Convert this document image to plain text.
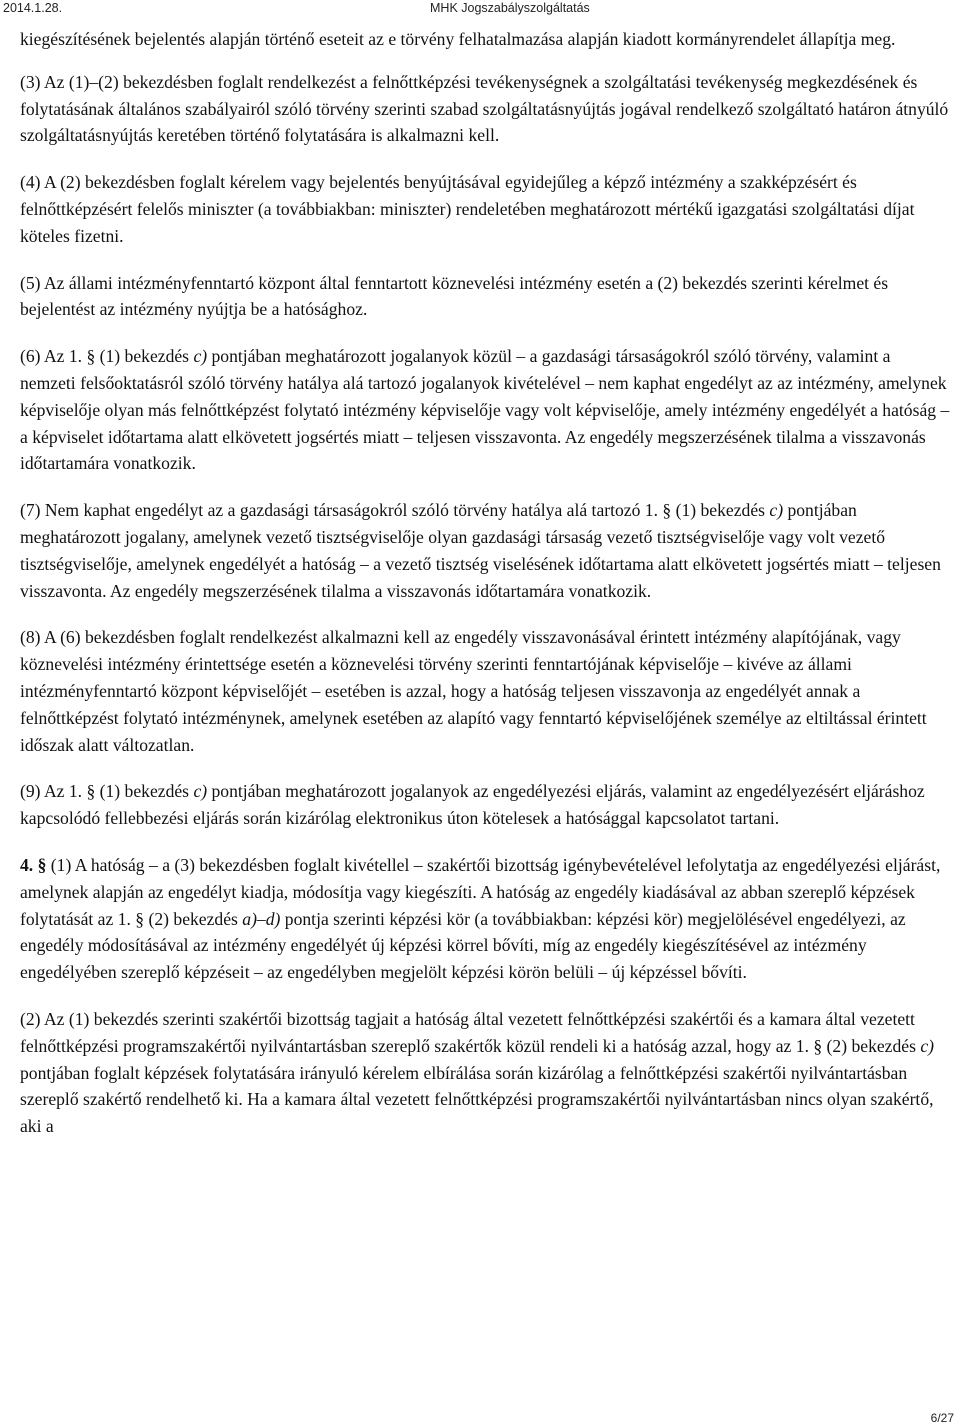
2014.1.28.	MHK Jogszabályszolgáltatás

kiegészítésének bejelentés alapján történő eseteit az e törvény felhatalmazása alapján kiadott kormányrendelet állapítja meg.

(3) Az (1)–(2) bekezdésben foglalt rendelkezést a felnőttképzési tevékenységnek a szolgáltatási tevékenység megkezdésének és folytatásának általános szabályairól szóló törvény szerinti szabad szolgáltatásnyújtás jogával rendelkező szolgáltató határon átnyúló szolgáltatásnyújtás keretében történő folytatására is alkalmazni kell.

(4) A (2) bekezdésben foglalt kérelem vagy bejelentés benyújtásával egyidejűleg a képző intézmény a szakképzésért és felnőttképzésért felelős miniszter (a továbbiakban: miniszter) rendeletében meghatározott mértékű igazgatási szolgáltatási díjat köteles fizetni.

(5) Az állami intézményfenntartó központ által fenntartott köznevelési intézmény esetén a (2) bekezdés szerinti kérelmet és bejelentést az intézmény nyújtja be a hatósághoz.

(6) Az 1. § (1) bekezdés c) pontjában meghatározott jogalanyok közül – a gazdasági társaságokról szóló törvény, valamint a nemzeti felsőoktatásról szóló törvény hatálya alá tartozó jogalanyok kivételével – nem kaphat engedélyt az az intézmény, amelynek képviselője olyan más felnőttképzést folytató intézmény képviselője vagy volt képviselője, amely intézmény engedélyét a hatóság – a képviselet időtartama alatt elkövetett jogsértés miatt – teljesen visszavonta. Az engedély megszerzésének tilalma a visszavonás időtartamára vonatkozik.

(7) Nem kaphat engedélyt az a gazdasági társaságokról szóló törvény hatálya alá tartozó 1. § (1) bekezdés c) pontjában meghatározott jogalany, amelynek vezető tisztségviselője olyan gazdasági társaság vezető tisztségviselője vagy volt vezető tisztségviselője, amelynek engedélyét a hatóság – a vezető tisztség viselésének időtartama alatt elkövetett jogsértés miatt – teljesen visszavonta. Az engedély megszerzésének tilalma a visszavonás időtartamára vonatkozik.

(8) A (6) bekezdésben foglalt rendelkezést alkalmazni kell az engedély visszavonásával érintett intézmény alapítójának, vagy köznevelési intézmény érintettsége esetén a köznevelési törvény szerinti fenntartójának képviselője – kivéve az állami intézményfenntartó központ képviselőjét – esetében is azzal, hogy a hatóság teljesen visszavonja az engedélyét annak a felnőttképzést folytató intézménynek, amelynek esetében az alapító vagy fenntartó képviselőjének személye az eltiltással érintett időszak alatt változatlan.

(9) Az 1. § (1) bekezdés c) pontjában meghatározott jogalanyok az engedélyezési eljárás, valamint az engedélyezésért eljáráshoz kapcsolódó fellebbezési eljárás során kizárólag elektronikus úton kötelesek a hatósággal kapcsolatot tartani.

4. § (1) A hatóság – a (3) bekezdésben foglalt kivétellel – szakértői bizottság igénybevételével lefolytatja az engedélyezési eljárást, amelynek alapján az engedélyt kiadja, módosítja vagy kiegészíti. A hatóság az engedély kiadásával az abban szereplő képzések folytatását az 1. § (2) bekezdés a)–d) pontja szerinti képzési kör (a továbbiakban: képzési kör) megjelölésével engedélyezi, az engedély módosításával az intézmény engedélyét új képzési körrel bővíti, míg az engedély kiegészítésével az intézmény engedélyében szereplő képzéseit – az engedélyben megjelölt képzési körön belüli – új képzéssel bővíti.

(2) Az (1) bekezdés szerinti szakértői bizottság tagjait a hatóság által vezetett felnőttképzési szakértői és a kamara által vezetett felnőttképzési programszakértői nyilvántartásban szereplő szakértők közül rendeli ki a hatóság azzal, hogy az 1. § (2) bekezdés c) pontjában foglalt képzések folytatására irányuló kérelem elbírálása során kizárólag a felnőttképzési szakértői nyilvántartásban szereplő szakértő rendelhető ki. Ha a kamara által vezetett felnőttképzési programszakértői nyilvántartásban nincs olyan szakértő, aki a

6/27
